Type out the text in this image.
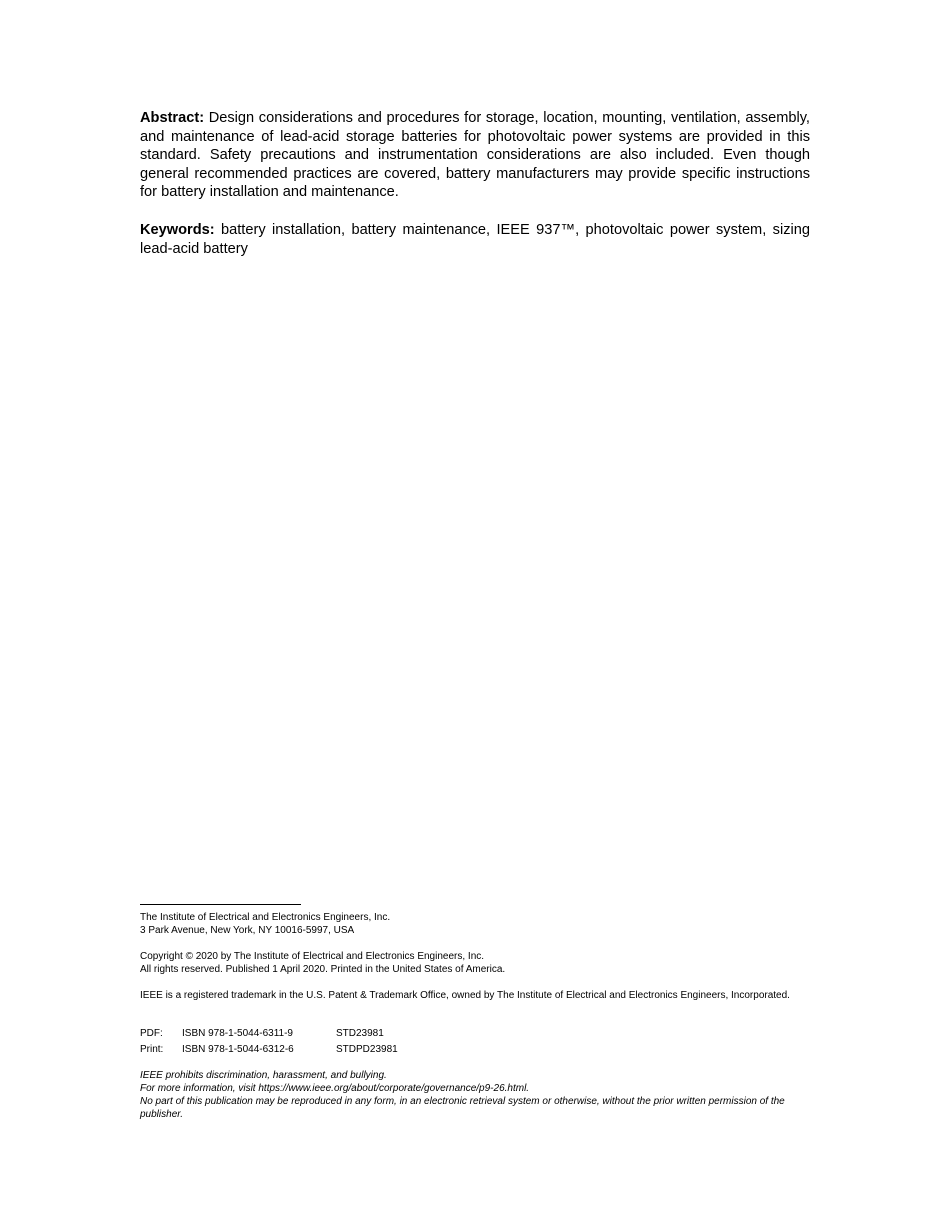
Abstract: Design considerations and procedures for storage, location, mounting, ventilation, assembly, and maintenance of lead-acid storage batteries for photovoltaic power systems are provided in this standard. Safety precautions and instrumentation considerations are also included. Even though general recommended practices are covered, battery manufacturers may provide specific instructions for battery installation and maintenance.
Keywords: battery installation, battery maintenance, IEEE 937™, photovoltaic power system, sizing lead-acid battery

The Institute of Electrical and Electronics Engineers, Inc.

3 Park Avenue, New York, NY 10016-5997, USA

Copyright © 2020 by The Institute of Electrical and Electronics Engineers, Inc.

All rights reserved. Published 1 April 2020. Printed in the United States of America.

IEEE is a registered trademark in the U.S. Patent & Trademark Office, owned by The Institute of Electrical and Electronics Engineers, Incorporated.

PDF: ISBN 978-1-5044-6311-9	STD23981
Print: ISBN 978-1-5044-6312-6	STDPD23981

IEEE prohibits discrimination, harassment, and bullying.

For more information, visit https://www.ieee.org/about/corporate/governance/p9-26.html.

No part of this publication may be reproduced in any form, in an electronic retrieval system or otherwise, without the prior written permission of the publisher.
